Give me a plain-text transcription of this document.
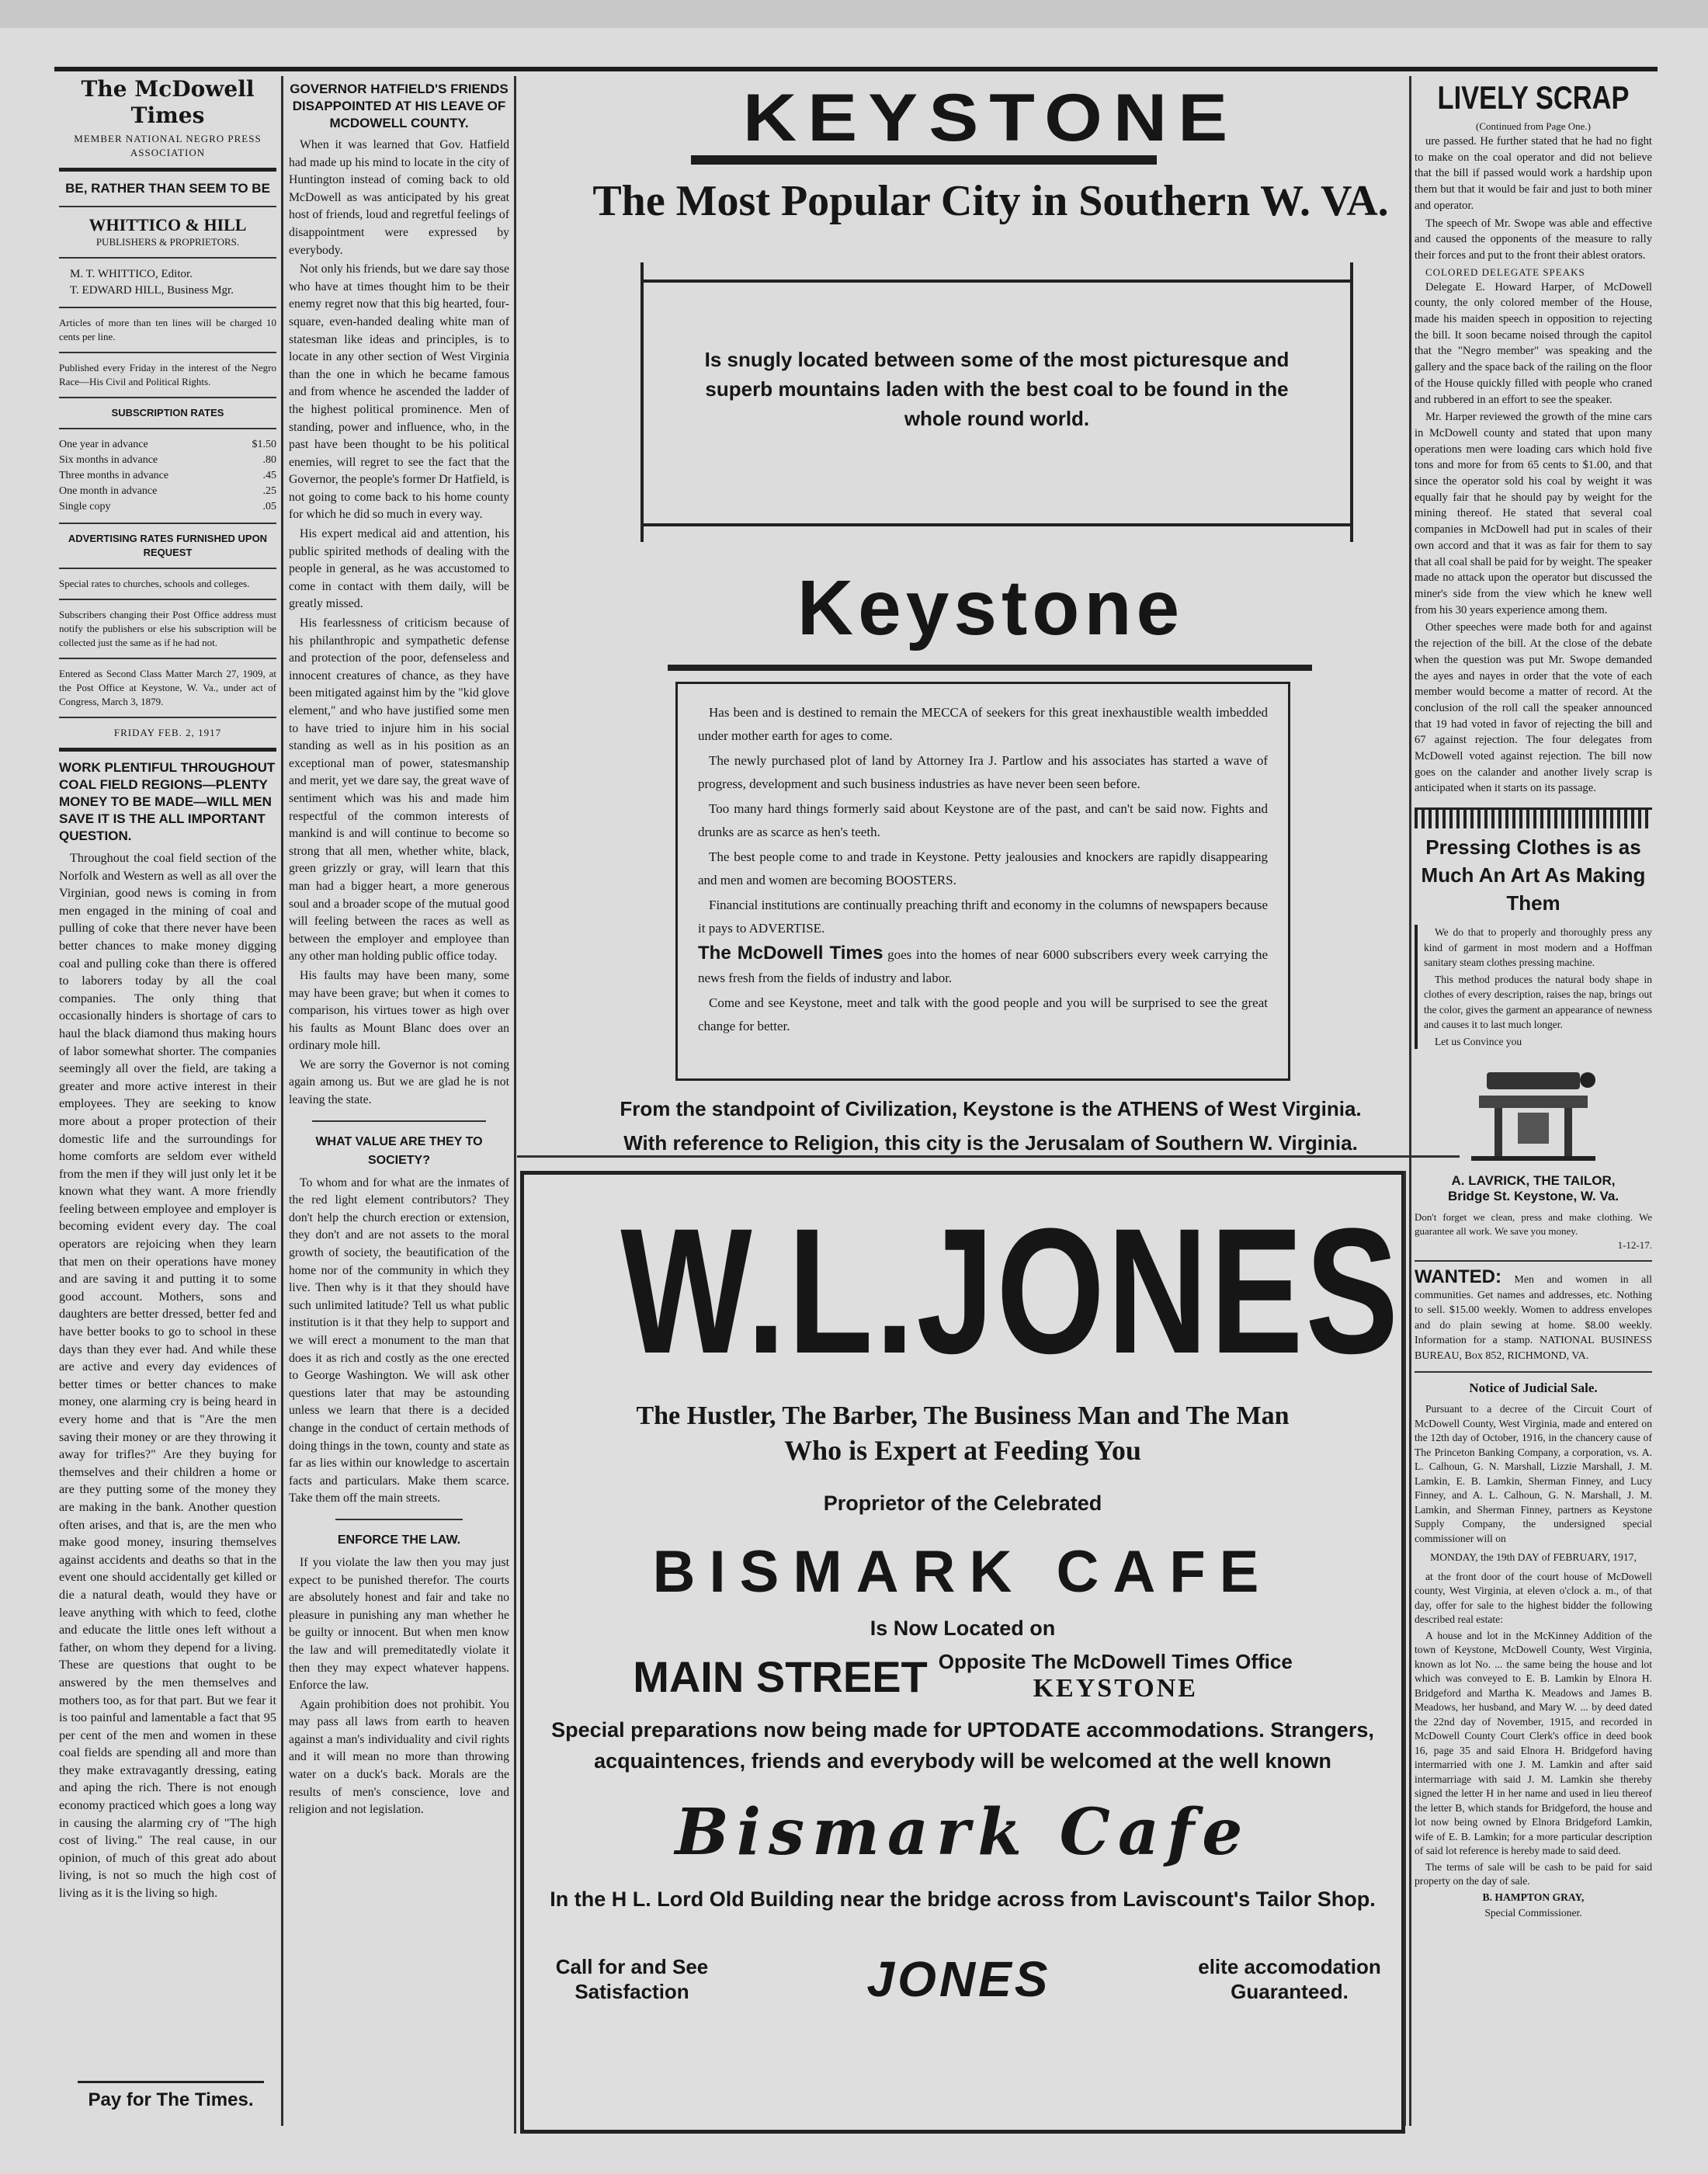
The McDowell Times
MEMBER NATIONAL NEGRO PRESS ASSOCIATION
BE, RATHER THAN SEEM TO BE
WHITTICO & HILL
PUBLISHERS & PROPRIETORS.
M. T. WHITTICO, Editor.
T. EDWARD HILL, Business Mgr.
Articles of more than ten lines will be charged 10 cents per line.
Published every Friday in the interest of the Negro Race—His Civil and Political Rights.
SUBSCRIPTION RATES
One year in advance	$1.50
Six months in advance	.80
Three months in advance	.45
One month in advance	.25
Single copy	.05
ADVERTISING RATES FURNISHED UPON REQUEST
Special rates to churches, schools and colleges.
Subscribers changing their Post Office address must notify the publishers or else his subscription will be collected just the same as if he had not.
Entered as Second Class Matter March 27, 1909, at the Post Office at Keystone, W. Va., under act of Congress, March 3, 1879.
FRIDAY FEB. 2, 1917
WORK PLENTIFUL THROUGHOUT COAL FIELD REGIONS—PLENTY MONEY TO BE MADE—WILL MEN SAVE IT IS THE ALL IMPORTANT QUESTION.

Throughout the coal field section of the Norfolk and Western as well as all over the Virginian, good news is coming in from men engaged in the mining of coal and pulling of coke that there never have been better chances to make money digging coal and pulling coke than there is offered to laborers today by all the coal companies. The only thing that occasionally hinders is shortage of cars to haul the black diamond thus making hours of labor somewhat shorter. The companies seemingly all over the field, are taking a greater and more active interest in their employees. They are seeking to know more about a proper protection of their domestic life and the surroundings for home comforts are seldom ever witheld from the men if they will just only let it be known what they want. A more friendly feeling between employee and employer is becoming evident every day. The coal operators are rejoicing when they learn that men on their operations have money and are saving it and putting it to some good account. Mothers, sons and daughters are better dressed, better fed and have better books to go to school in these days than they ever had. And while these are active and every day evidences of better times or better chances to make money, one alarming cry is being heard in every home and that is "Are the men saving their money or are they throwing it away for trifles?" Are they buying for themselves and their children a home or are they putting some of the money they are making in the bank. Another question often arises, and that is, are the men who make good money, insuring themselves against accidents and deaths so that in the event one should accidentally get killed or die a natural death, would they have or leave anything with which to feed, clothe and educate the little ones left without a father, on whom they depend for a living. These are questions that ought to be answered by the men themselves and mothers too, as for that part. But we fear it is too painful and lamentable a fact that 95 per cent of the men and women in these coal fields are spending all and more than they make extravagantly dressing, eating and aping the rich. There is not enough economy practiced which goes a long way in causing the alarming cry of "The high cost of living." The real cause, in our opinion, of much of this great ado about living, is not so much the high cost of living as it is the living so high.

Pay for The Times.
GOVERNOR HATFIELD'S FRIENDS DISAPPOINTED AT HIS LEAVE OF MCDOWELL COUNTY.

When it was learned that Gov. Hatfield had made up his mind to locate in the city of Huntington instead of coming back to old McDowell as was anticipated by his great host of friends, loud and regretful feelings of disappointment were expressed by everybody.

Not only his friends, but we dare say those who have at times thought him to be their enemy regret now that this big hearted, four-square, even-handed dealing white man of statesman like ideas and principles, is to locate in any other section of West Virginia than the one in which he became famous and from whence he ascended the ladder of the highest political prominence. Men of standing, power and influence, who, in the past have been thought to be his political enemies, will regret to see the fact that the Governor, the people's former Dr Hatfield, is not going to come back to his home county for which he did so much in every way.

His expert medical aid and attention, his public spirited methods of dealing with the people in general, as he was accustomed to come in contact with them daily, will be greatly missed.

His fearlessness of criticism because of his philanthropic and sympathetic defense and protection of the poor, defenseless and innocent creatures of chance, as they have been mitigated against him by the "kid glove element," and who have justified some men to have tried to injure him in his social standing as well as in his position as an exceptional man of power, statesmanship and merit, yet we dare say, the great wave of sentiment which was his and made him respectful of the common interests of mankind is and will continue to become so strong that all men, whether white, black, green grizzly or gray, will learn that this man had a bigger heart, a more generous soul and a broader scope of the mutual good will feeling between the races as well as between the employer and employee than any other man holding public office today.

His faults may have been many, some may have been grave; but when it comes to comparison, his virtues tower as high over his faults as Mount Blanc does over an ordinary mole hill.

We are sorry the Governor is not coming again among us. But we are glad he is not leaving the state.

WHAT VALUE ARE THEY TO SOCIETY?

To whom and for what are the inmates of the red light element contributors? They don't help the church erection or extension, they don't and are not assets to the moral growth of society, the beautification of the home nor of the community in which they live. Then why is it that they should have such unlimited latitude? Tell us what public institution is it that they help to support and we will erect a monument to the man that does it as rich and costly as the one erected to George Washington. We will ask other questions later that may be astounding unless we learn that there is a decided change in the conduct of certain methods of doing things in the town, county and state as far as lies within our knowledge to ascertain facts and particulars. Make them scarce. Take them off the main streets.

ENFORCE THE LAW.

If you violate the law then you may just expect to be punished therefor. The courts are absolutely honest and fair and take no pleasure in punishing any man whether he be guilty or innocent. But when men know the law and will premeditatedly violate it then they may expect whatever happens. Enforce the law.

Again prohibition does not prohibit. You may pass all laws from earth to heaven against a man's individuality and civil rights and it will mean no more than throwing water on a duck's back. Morals are the results of men's conscience, love and religion and not legislation.

KEYSTONE
The Most Popular City in Southern W. VA.
Is snugly located between some of the most picturesque and superb mountains laden with the best coal to be found in the whole round world.
Keystone

Has been and is destined to remain the MECCA of seekers for this great inexhaustible wealth imbedded under mother earth for ages to come.

The newly purchased plot of land by Attorney Ira J. Partlow and his associates has started a wave of progress, development and such business industries as have never been seen before.

Too many hard things formerly said about Keystone are of the past, and can't be said now. Fights and drunks are as scarce as hen's teeth.

The best people come to and trade in Keystone. Petty jealousies and knockers are rapidly disappearing and men and women are becoming BOOSTERS.

Financial institutions are continually preaching thrift and economy in the columns of newspapers because it pays to ADVERTISE.

The McDowell Times goes into the homes of near 6000 subscribers every week carrying the news fresh from the fields of industry and labor.

Come and see Keystone, meet and talk with the good people and you will be surprised to see the great change for better.

From the standpoint of Civilization, Keystone is the ATHENS of West Virginia.
With reference to Religion, this city is the Jerusalam of Southern W. Virginia.
W.L.JONES
The Hustler, The Barber, The Business Man and The Man
Who is Expert at Feeding You
Proprietor of the Celebrated
BISMARK CAFE
Is Now Located on
MAIN STREET Opposite The McDowell Times Office
KEYSTONE
Special preparations now being made for UPTODATE accommodations. Strangers, acquaintences, friends and everybody will be welcomed at the well known
Bismark Cafe
In the H L. Lord Old Building near the bridge across from Laviscount's Tailor Shop.
Call for and See Satisfaction	JONES	elite accomodation Guaranteed.
LIVELY SCRAP
(Continued from Page One.)

ure passed. He further stated that he had no fight to make on the coal operator and did not believe that the bill if passed would work a hardship upon them but that it would be fair and just to both miner and operator.

The speech of Mr. Swope was able and effective and caused the opponents of the measure to rally their forces and put to the front their ablest orators.

COLORED DELEGATE SPEAKS

Delegate E. Howard Harper, of McDowell county, the only colored member of the House, made his maiden speech in opposition to rejecting the bill. It soon became noised through the capitol that the "Negro member" was speaking and the gallery and the space back of the railing on the floor of the House quickly filled with people who craned and rubbered in an effort to see the speaker.

Mr. Harper reviewed the growth of the mine cars in McDowell county and stated that upon many operations men were loading cars which hold five tons and more for from 65 cents to $1.00, and that since the operator sold his coal by weight it was equally fair that he should pay by weight for the mining thereof. He stated that several coal companies in McDowell had put in scales of their own accord and that it was as fair for them to say that all coal shall be paid for by weight. The speaker made no attack upon the operator but discussed the miner's side from the view which he knew well from his 30 years experience among them.

Other speeches were made both for and against the rejection of the bill. At the close of the debate when the question was put Mr. Swope demanded the ayes and nayes in order that the vote of each member would become a matter of record. At the conclusion of the roll call the speaker announced that 19 had voted in favor of rejecting the bill and 67 against rejection. The four delegates from McDowell voted against rejection. The bill now goes on the calander and another lively scrap is anticipated when it starts on its passage.

Pressing Clothes is as Much An Art As Making Them

We do that to properly and thoroughly press any kind of garment in most modern and a Hoffman sanitary steam clothes pressing machine.

This method produces the natural body shape in clothes of every description, raises the nap, brings out the color, gives the garment an appearance of newness and causes it to last much longer.

Let us Convince you

A. LAVRICK, THE TAILOR,
Bridge St. Keystone, W. Va.
Don't forget we clean, press and make clothing. We guarantee all work. We save you money.
1-12-17.
WANTED: Men and women in all communities. Get names and addresses, etc. Nothing to sell. $15.00 weekly. Women to address envelopes and do plain sewing at home. $8.00 weekly. Information for a stamp. NATIONAL BUSINESS BUREAU, Box 852, RICHMOND, VA.
Notice of Judicial Sale.

Pursuant to a decree of the Circuit Court of McDowell County, West Virginia, made and entered on the 12th day of October, 1916, in the chancery cause of The Princeton Banking Company, a corporation, vs. A. L. Calhoun, G. N. Marshall, Lizzie Marshall, J. M. Lamkin, E. B. Lamkin, Sherman Finney, and Lucy Finney, and A. L. Calhoun, G. N. Marshall, J. M. Lamkin, and Sherman Finney, partners as Keystone Supply Company, the undersigned special commissioner will on

MONDAY, the 19th DAY of FEBRUARY, 1917,

at the front door of the court house of McDowell county, West Virginia, at eleven o'clock a. m., of that day, offer for sale to the highest bidder the following described real estate:

A house and lot in the McKinney Addition of the town of Keystone, McDowell County, West Virginia, known as lot No. ... the same being the house and lot which was conveyed to E. B. Lamkin by Elnora H. Bridgeford and Martha K. Meadows and James B. Meadows, her husband, and Mary W. ... by deed dated the 22nd day of November, 1915, and recorded in McDowell County Court Clerk's office in deed book 16, page 35 and said Elnora H. Bridgeford having intermarried with one J. M. Lamkin and after said intermarriage with said J. M. Lamkin she thereby signed the letter H in her name and used in lieu thereof the letter B, which stands for Bridgeford, the house and lot now being owned by Elnora Bridgeford Lamkin, wife of E. B. Lamkin; for a more particular description of said lot reference is hereby made to said deed.

The terms of sale will be cash to be paid for said property on the day of sale.

B. HAMPTON GRAY,

Special Commissioner.
